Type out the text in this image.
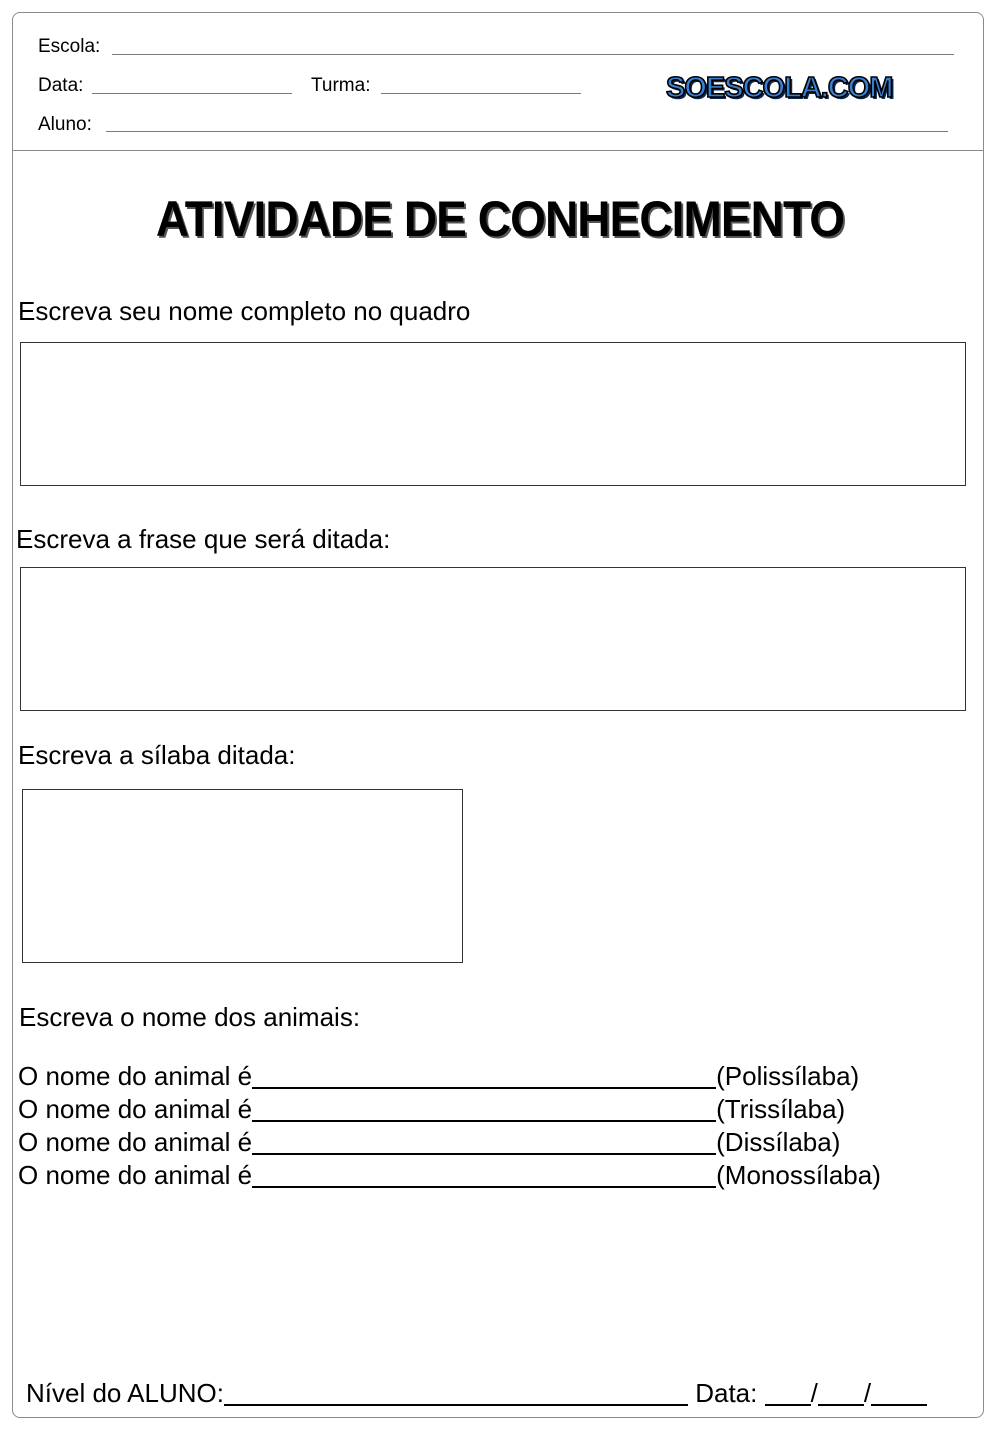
Escola:
Data:	Turma:	SOESCOLA.COM
Aluno:
ATIVIDADE DE CONHECIMENTO
Escreva seu nome completo no quadro
Escreva a frase que será ditada:
Escreva a sílaba ditada:
Escreva o nome dos animais:
O nome do animal é	(Polissílaba)
O nome do animal é	(Trissílaba)
O nome do animal é	(Dissílaba)
O nome do animal é	(Monossílaba)
Nível do ALUNO:	Data: / /
